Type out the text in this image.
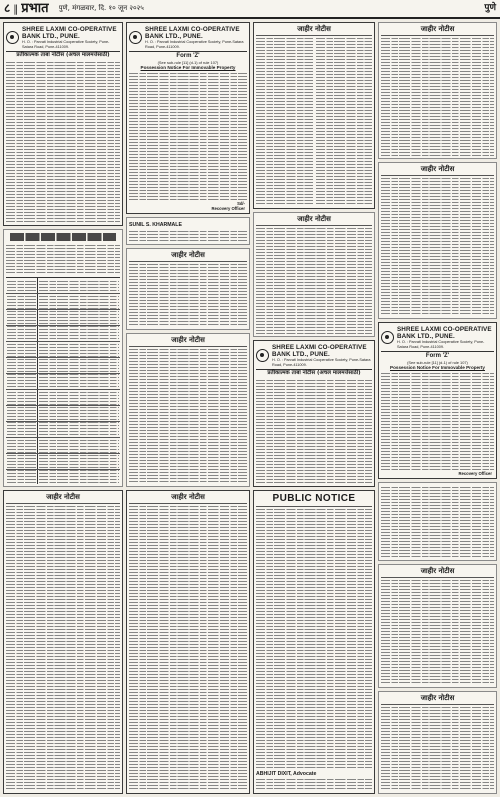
८ ‖ प्रभात पुणे, मंगळवार, दि. १० जून २०२५	पुणे
SHREE LAXMI CO-OPERATIVE BANK LTD., PUNE.
H. O. : Parvati Industrial Cooperative Society, Pune-Satara Road, Pune-411009.
प्रतीकात्मक ताबा नोटीस (अचल मालमत्तेसाठी)
जाहीर नोटीस
SHREE LAXMI CO-OPERATIVE BANK LTD., PUNE.
H. O. : Parvati Industrial Cooperative Society, Pune-Satara Road, Pune-411009.
Form 'Z'
(See sub-rule [11] (d-1) of rule 107)
Possession Notice For Immovable Property
Sd/-
Recovery Officer
SUNIL S. KHARMALE
जाहीर नोटीस
जाहीर नोटीस
जाहीर नोटीस
जाहीर नोटीस
जाहीर नोटीस
SHREE LAXMI CO-OPERATIVE BANK LTD., PUNE.
H. O. : Parvati Industrial Cooperative Society, Pune-Satara Road, Pune-411009.
प्रतीकात्मक ताबा नोटीस (अचल मालमत्तेसाठी)
PUBLIC NOTICE
ABHIJIT DIXIT, Advocate
जाहीर नोटीस
जाहीर नोटीस
SHREE LAXMI CO-OPERATIVE BANK LTD., PUNE.
H. O. : Parvati Industrial Cooperative Society, Pune-Satara Road, Pune-411009.
Form 'Z'
(See sub-rule [11] (d-1) of rule 107)
Possession Notice For Immovable Property
Recovery Officer
जाहीर नोटीस
जाहीर नोटीस
